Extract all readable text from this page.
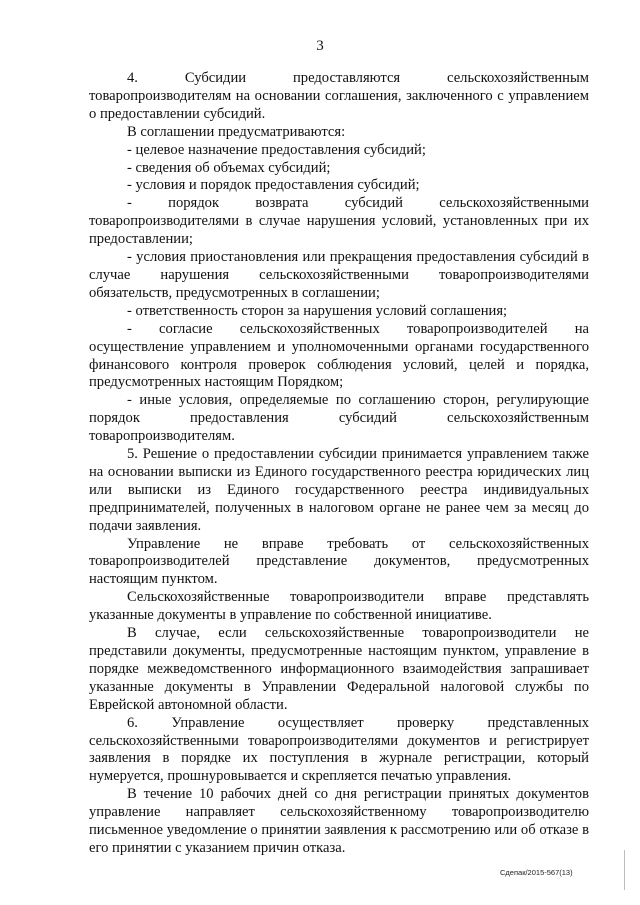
3

4. Субсидии предоставляются сельскохозяйственным товаропроизводителям на основании соглашения, заключенного с управлением о предоставлении субсидий.

В соглашении предусматриваются:

- целевое назначение предоставления субсидий;

- сведения об объемах субсидий;

- условия и порядок предоставления субсидий;

- порядок возврата субсидий сельскохозяйственными товаропроизводителями в случае нарушения условий, установленных при их предоставлении;

- условия приостановления или прекращения предоставления субсидий в случае нарушения сельскохозяйственными товаропроизводителями обязательств, предусмотренных в соглашении;

- ответственность сторон за нарушения условий соглашения;

- согласие сельскохозяйственных товаропроизводителей на осуществление управлением и уполномоченными органами государственного финансового контроля проверок соблюдения условий, целей и порядка, предусмотренных настоящим Порядком;

- иные условия, определяемые по соглашению сторон, регулирующие порядок предоставления субсидий сельскохозяйственным товаропроизводителям.

5. Решение о предоставлении субсидии принимается управлением также на основании выписки из Единого государственного реестра юридических лиц или выписки из Единого государственного реестра индивидуальных предпринимателей, полученных в налоговом органе не ранее чем за месяц до подачи заявления.

Управление не вправе требовать от сельскохозяйственных товаропроизводителей представление документов, предусмотренных настоящим пунктом.

Сельскохозяйственные товаропроизводители вправе представлять указанные документы в управление по собственной инициативе.

В случае, если сельскохозяйственные товаропроизводители не представили документы, предусмотренные настоящим пунктом, управление в порядке межведомственного информационного взаимодействия запрашивает указанные документы в Управлении Федеральной налоговой службы по Еврейской автономной области.

6. Управление осуществляет проверку представленных сельскохозяйственными товаропроизводителями документов и регистрирует заявления в порядке их поступления в журнале регистрации, который нумеруется, прошнуровывается и скрепляется печатью управления.

В течение 10 рабочих дней со дня регистрации принятых документов управление направляет сельскохозяйственному товаропроизводителю письменное уведомление о принятии заявления к рассмотрению или об отказе в его принятии с указанием причин отказа.

Сдепак/2015-567(13)
